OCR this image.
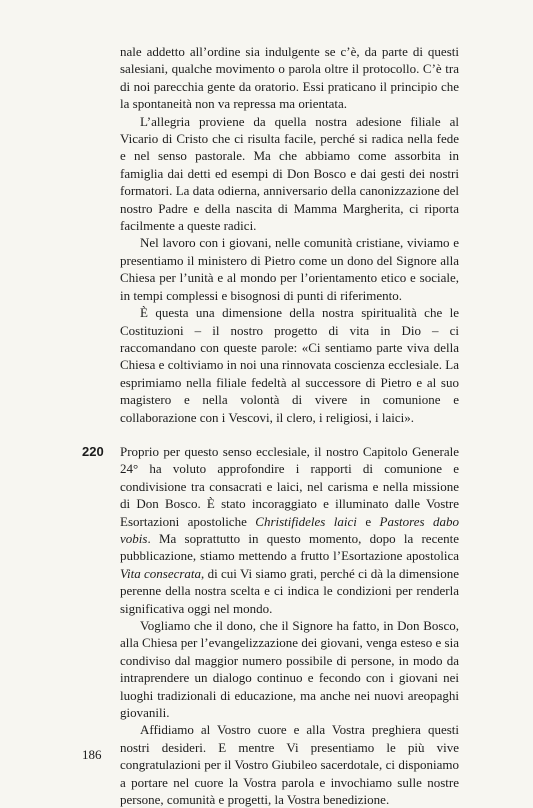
nale addetto all’ordine sia indulgente se c’è, da parte di questi salesiani, qualche movimento o parola oltre il protocollo. C’è tra di noi parecchia gente da oratorio. Essi praticano il principio che la spontaneità non va repressa ma orientata.

L’allegria proviene da quella nostra adesione filiale al Vicario di Cristo che ci risulta facile, perché si radica nella fede e nel senso pastorale. Ma che abbiamo come assorbita in famiglia dai detti ed esempi di Don Bosco e dai gesti dei nostri formatori. La data odierna, anniversario della canonizzazione del nostro Padre e della nascita di Mamma Margherita, ci riporta facilmente a queste radici.

Nel lavoro con i giovani, nelle comunità cristiane, viviamo e presentiamo il ministero di Pietro come un dono del Signore alla Chiesa per l’unità e al mondo per l’orientamento etico e sociale, in tempi complessi e bisognosi di punti di riferimento.

È questa una dimensione della nostra spiritualità che le Costituzioni – il nostro progetto di vita in Dio – ci raccomandano con queste parole: «Ci sentiamo parte viva della Chiesa e coltiviamo in noi una rinnovata coscienza ecclesiale. La esprimiamo nella filiale fedeltà al successore di Pietro e al suo magistero e nella volontà di vivere in comunione e collaborazione con i Vescovi, il clero, i religiosi, i laici».

Proprio per questo senso ecclesiale, il nostro Capitolo Generale 24° ha voluto approfondire i rapporti di comunione e condivisione tra consacrati e laici, nel carisma e nella missione di Don Bosco. È stato incoraggiato e illuminato dalle Vostre Esortazioni apostoliche Christifideles laici e Pastores dabo vobis. Ma soprattutto in questo momento, dopo la recente pubblicazione, stiamo mettendo a frutto l’Esortazione apostolica Vita consecrata, di cui Vi siamo grati, perché ci dà la dimensione perenne della nostra scelta e ci indica le condizioni per renderla significativa oggi nel mondo.

Vogliamo che il dono, che il Signore ha fatto, in Don Bosco, alla Chiesa per l’evangelizzazione dei giovani, venga esteso e sia condiviso dal maggior numero possibile di persone, in modo da intraprendere un dialogo continuo e fecondo con i giovani nei luoghi tradizionali di educazione, ma anche nei nuovi areopaghi giovanili.

Affidiamo al Vostro cuore e alla Vostra preghiera questi nostri desideri. E mentre Vi presentiamo le più vive congratulazioni per il Vostro Giubileo sacerdotale, ci disponiamo a portare nel cuore la Vostra parola e invochiamo sulle nostre persone, comunità e progetti, la Vostra benedizione.

220
186
